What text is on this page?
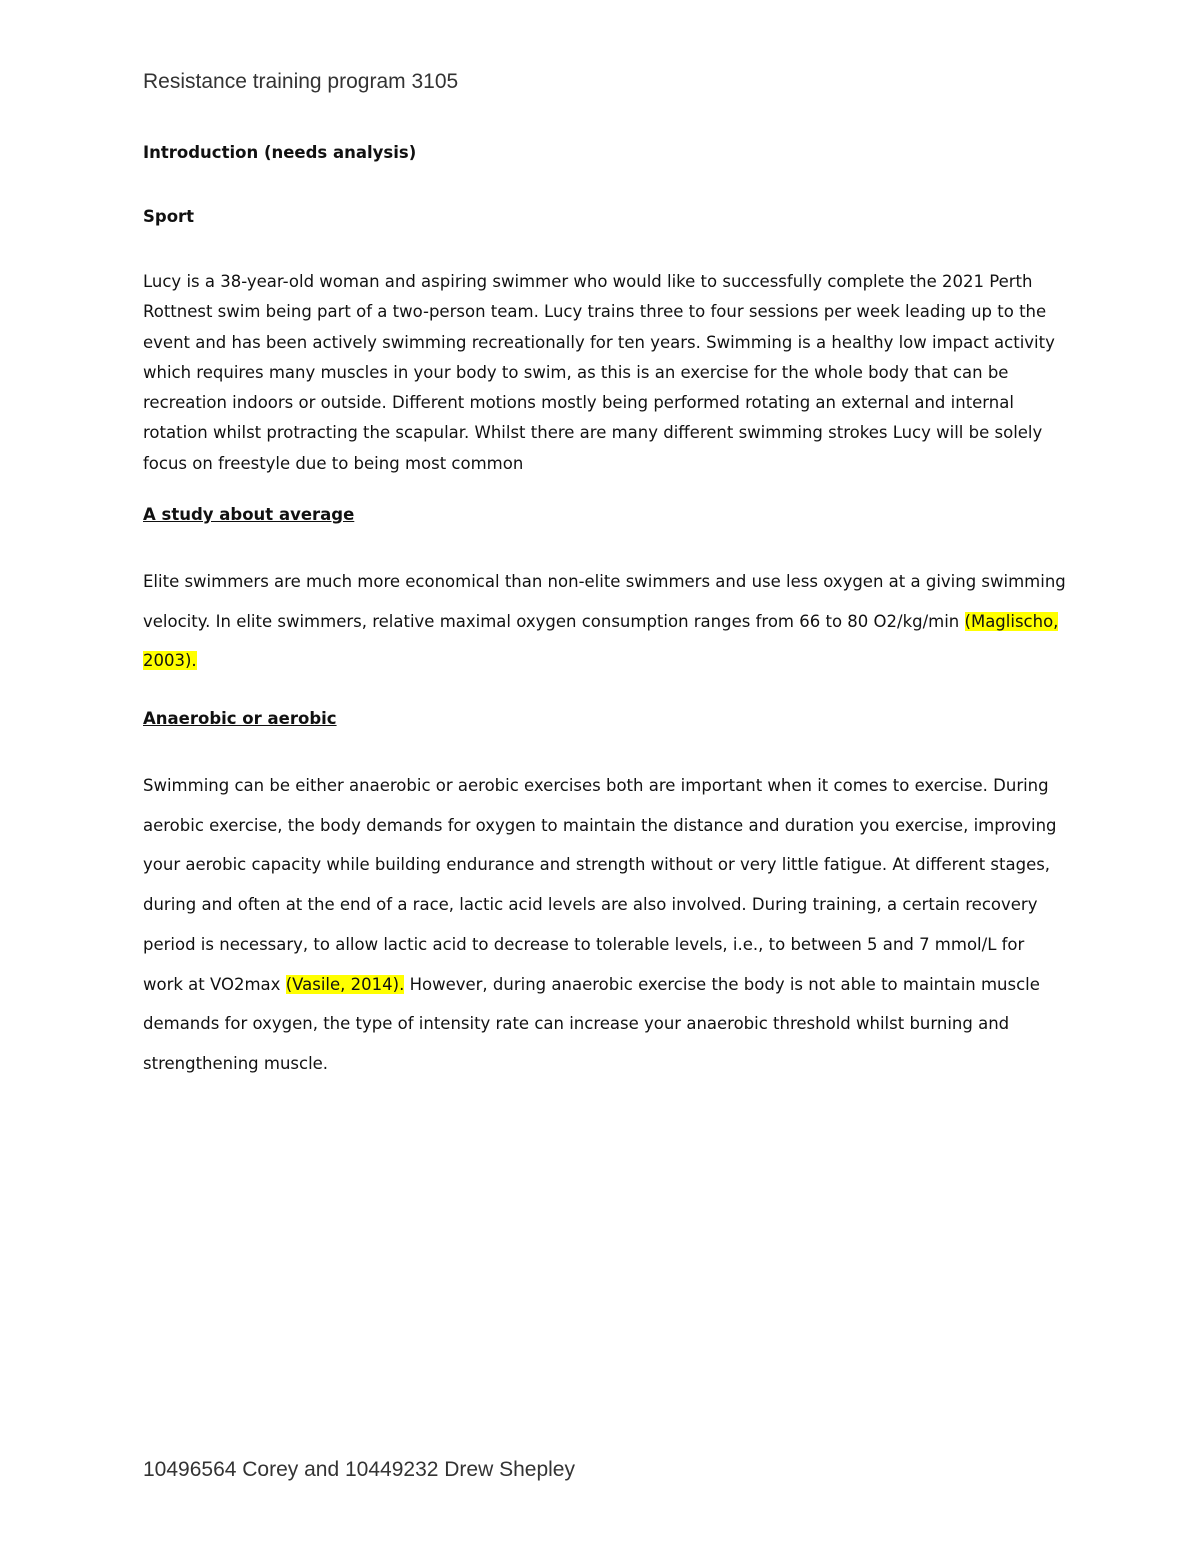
Resistance training program 3105

Introduction (needs analysis)

Sport

Lucy is a 38-year-old woman and aspiring swimmer who would like to successfully complete the 2021 Perth Rottnest swim being part of a two-person team. Lucy trains three to four sessions per week leading up to the event and has been actively swimming recreationally for ten years. Swimming is a healthy low impact activity which requires many muscles in your body to swim, as this is an exercise for the whole body that can be recreation indoors or outside. Different motions mostly being performed rotating an external and internal rotation whilst protracting the scapular. Whilst there are many different swimming strokes Lucy will be solely focus on freestyle due to being most common

A study about average

Elite swimmers are much more economical than non-elite swimmers and use less oxygen at a giving swimming velocity. In elite swimmers, relative maximal oxygen consumption ranges from 66 to 80 O2/kg/min (Maglischo, 2003).

Anaerobic or aerobic

Swimming can be either anaerobic or aerobic exercises both are important when it comes to exercise. During aerobic exercise, the body demands for oxygen to maintain the distance and duration you exercise, improving your aerobic capacity while building endurance and strength without or very little fatigue. At different stages, during and often at the end of a race, lactic acid levels are also involved. During training, a certain recovery period is necessary, to allow lactic acid to decrease to tolerable levels, i.e., to between 5 and 7 mmol/L for work at VO2max (Vasile, 2014). However, during anaerobic exercise the body is not able to maintain muscle demands for oxygen, the type of intensity rate can increase your anaerobic threshold whilst burning and strengthening muscle.

10496564 Corey and 10449232 Drew Shepley
